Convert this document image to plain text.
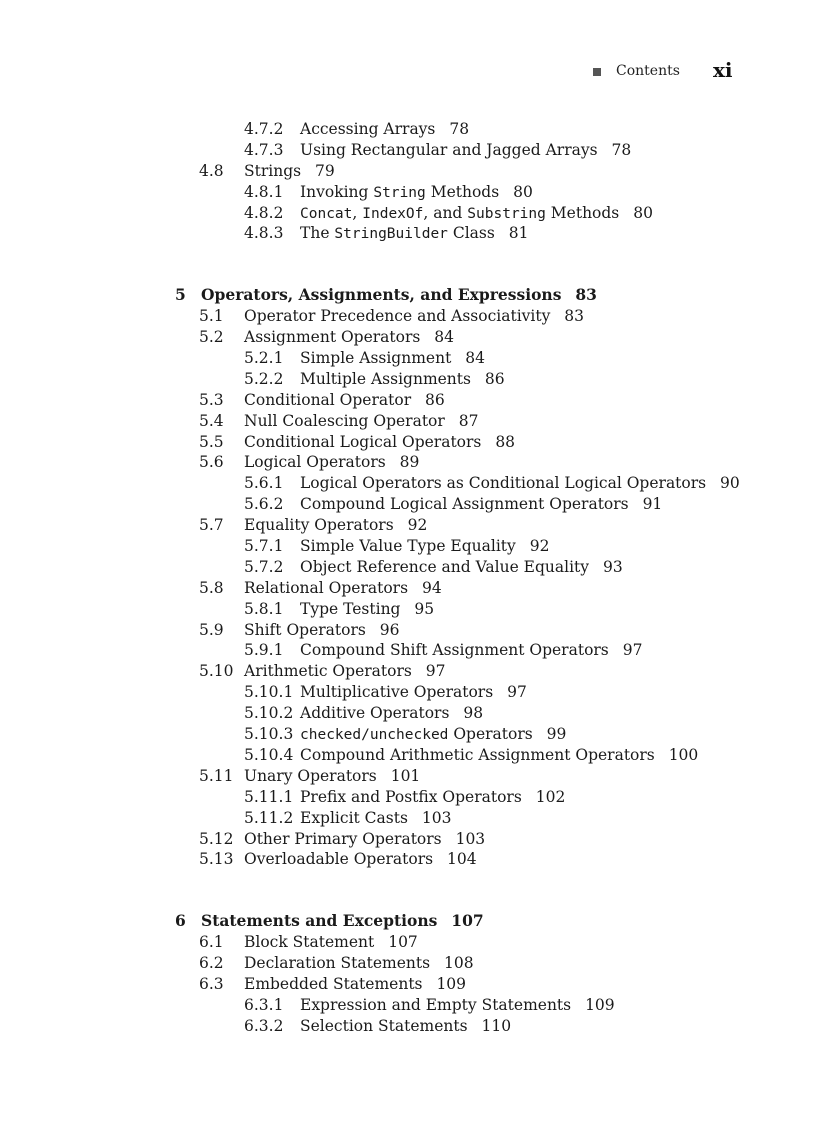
Contents xi
4.7.2 Accessing Arrays 78
4.7.3 Using Rectangular and Jagged Arrays 78
4.8 Strings 79
4.8.1 Invoking String Methods 80
4.8.2 Concat, IndexOf, and Substring Methods 80
4.8.3 The StringBuilder Class 81
5 Operators, Assignments, and Expressions 83
5.1 Operator Precedence and Associativity 83
5.2 Assignment Operators 84
5.2.1 Simple Assignment 84
5.2.2 Multiple Assignments 86
5.3 Conditional Operator 86
5.4 Null Coalescing Operator 87
5.5 Conditional Logical Operators 88
5.6 Logical Operators 89
5.6.1 Logical Operators as Conditional Logical Operators 90
5.6.2 Compound Logical Assignment Operators 91
5.7 Equality Operators 92
5.7.1 Simple Value Type Equality 92
5.7.2 Object Reference and Value Equality 93
5.8 Relational Operators 94
5.8.1 Type Testing 95
5.9 Shift Operators 96
5.9.1 Compound Shift Assignment Operators 97
5.10 Arithmetic Operators 97
5.10.1 Multiplicative Operators 97
5.10.2 Additive Operators 98
5.10.3 checked/unchecked Operators 99
5.10.4 Compound Arithmetic Assignment Operators 100
5.11 Unary Operators 101
5.11.1 Prefix and Postfix Operators 102
5.11.2 Explicit Casts 103
5.12 Other Primary Operators 103
5.13 Overloadable Operators 104
6 Statements and Exceptions 107
6.1 Block Statement 107
6.2 Declaration Statements 108
6.3 Embedded Statements 109
6.3.1 Expression and Empty Statements 109
6.3.2 Selection Statements 110
